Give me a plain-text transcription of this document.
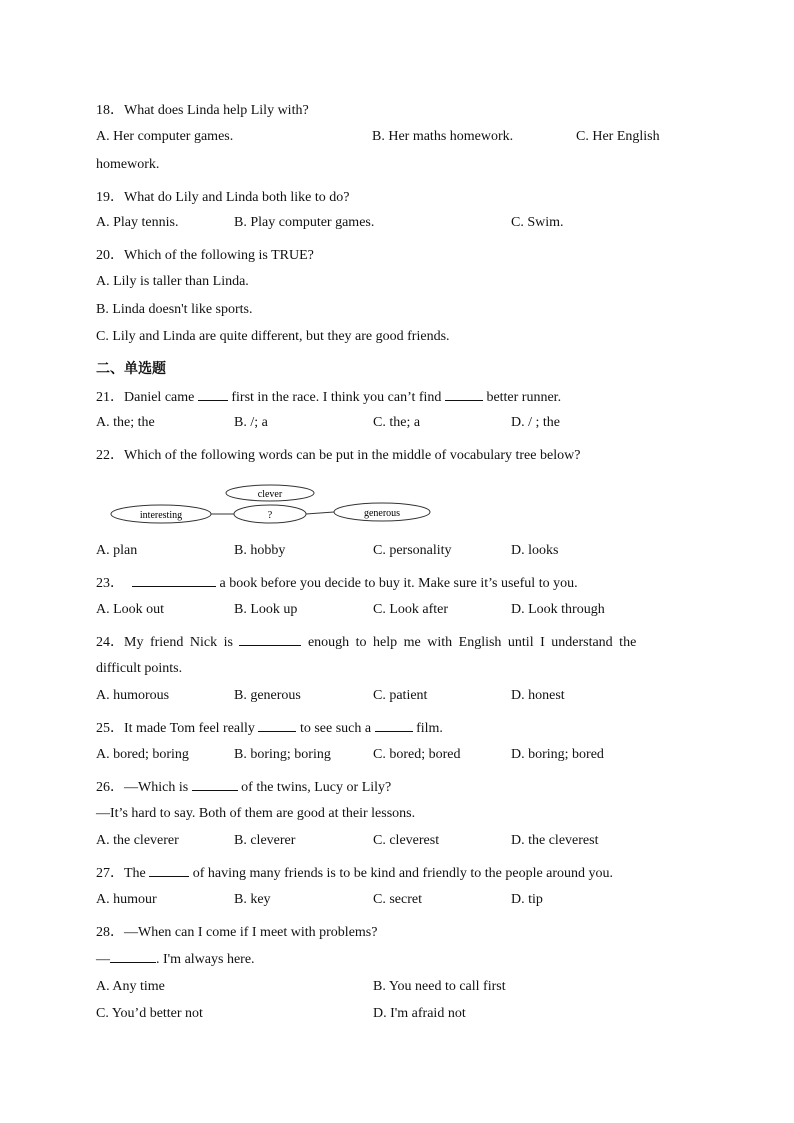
18．What does Linda help Lily with?
A. Her computer games.	B. Her maths homework.	C. Her English
homework.
19．What do Lily and Linda both like to do?
A. Play tennis.	B. Play computer games.	C. Swim.
20．Which of the following is TRUE?
A. Lily is taller than Linda.
B. Linda doesn't like sports.
C. Lily and Linda are quite different, but they are good friends.
二、单选题
21．Daniel came  first in the race. I think you can’t find	better runner.
A. the; the	B. /; a	C. the; a	D. / ; the
22．Which of the following words can be put in the middle of vocabulary tree below?
interesting
clever
?	generous
A. plan	B. hobby	C. personality	D. looks
23．	a book before you decide to buy it. Make sure it’s useful to you.
A. Look out	B. Look up	C. Look after	D. Look through
24．My friend Nick is	enough to help me with English until I understand the
difficult points.
A. humorous	B. generous	C. patient	D. honest
25．It made Tom feel really	to see such a	film.
A. bored; boring	B. boring; boring	C. bored; bored	D. boring; bored
26．—Which is	of the twins, Lucy or Lily?
—It’s hard to say. Both of them are good at their lessons.
A. the cleverer	B. cleverer	C. cleverest	D. the cleverest
27．The	of having many friends is to be kind and friendly to the people around you.
A. humour	B. key	C. secret	D. tip
28．—When can I come if I meet with problems?
—	. I'm always here.
A. Any time	B. You need to call first
C. You’d better not	D. I'm afraid not
